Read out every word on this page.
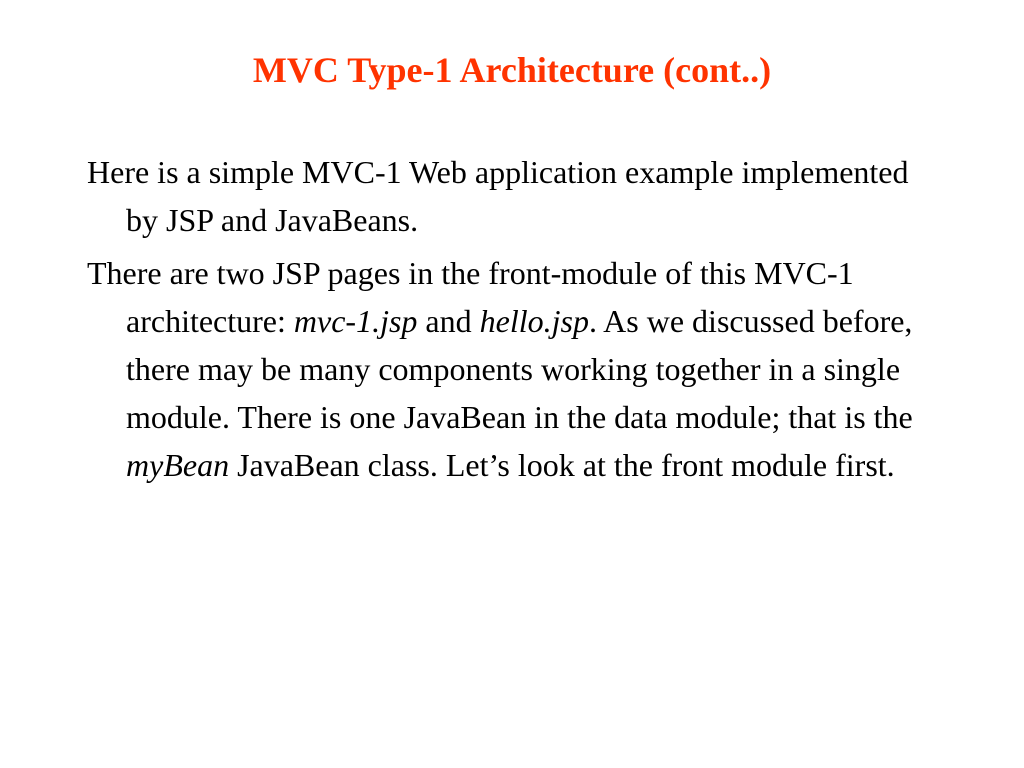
MVC Type-1 Architecture (cont..)

Here is a simple MVC-1 Web application example implemented by JSP and JavaBeans.

There are two JSP pages in the front-module of this MVC-1 architecture: mvc-1.jsp and hello.jsp. As we discussed before, there may be many components working together in a single module. There is one JavaBean in the data module; that is the myBean JavaBean class. Let’s look at the front module first.
